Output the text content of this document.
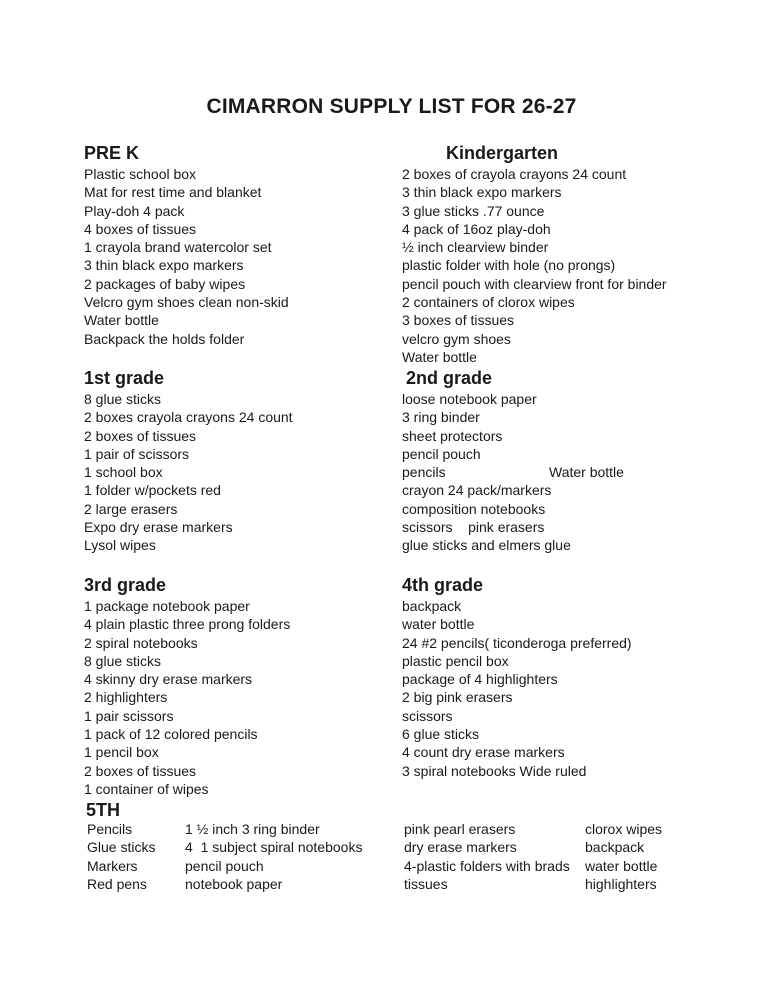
CIMARRON SUPPLY LIST FOR 26-27
PRE K
Plastic school box
Mat for rest time and blanket
Play-doh 4 pack
4 boxes of tissues
1 crayola brand watercolor set
3 thin black expo markers
2 packages of baby wipes
Velcro gym shoes clean non-skid
Water bottle
Backpack the holds folder
Kindergarten
2 boxes of crayola crayons 24 count
3 thin black expo markers
3 glue sticks .77 ounce
4 pack of 16oz play-doh
½ inch clearview binder
plastic folder with hole (no prongs)
pencil pouch with clearview front for binder
2 containers of clorox wipes
3 boxes of tissues
velcro gym shoes
Water bottle
1st grade
8 glue sticks
2 boxes crayola crayons 24 count
2 boxes of tissues
1 pair of scissors
1 school box
1 folder w/pockets red
2 large erasers
Expo dry erase markers
Lysol wipes
2nd grade
loose notebook paper
3 ring binder
sheet protectors
pencil pouch
pencils	Water bottle
crayon 24 pack/markers
composition notebooks
scissors    pink erasers
glue sticks and elmers glue
3rd grade
1 package notebook paper
4 plain plastic three prong folders
2 spiral notebooks
8 glue sticks
4 skinny dry erase markers
2 highlighters
1 pair scissors
1 pack of 12 colored pencils
1 pencil box
2 boxes of tissues
1 container of wipes
4th grade
backpack
water bottle
24 #2 pencils( ticonderoga preferred)
plastic pencil box
package of 4 highlighters
2 big pink erasers
scissors
6 glue sticks
4 count dry erase markers
3 spiral notebooks Wide ruled
5TH
Pencils
Glue sticks
Markers
Red pens
1 ½ inch 3 ring binder
4  1 subject spiral notebooks
pencil pouch
notebook paper
pink pearl erasers
dry erase markers
4-plastic folders with brads
tissues
clorox wipes
backpack
water bottle
highlighters
